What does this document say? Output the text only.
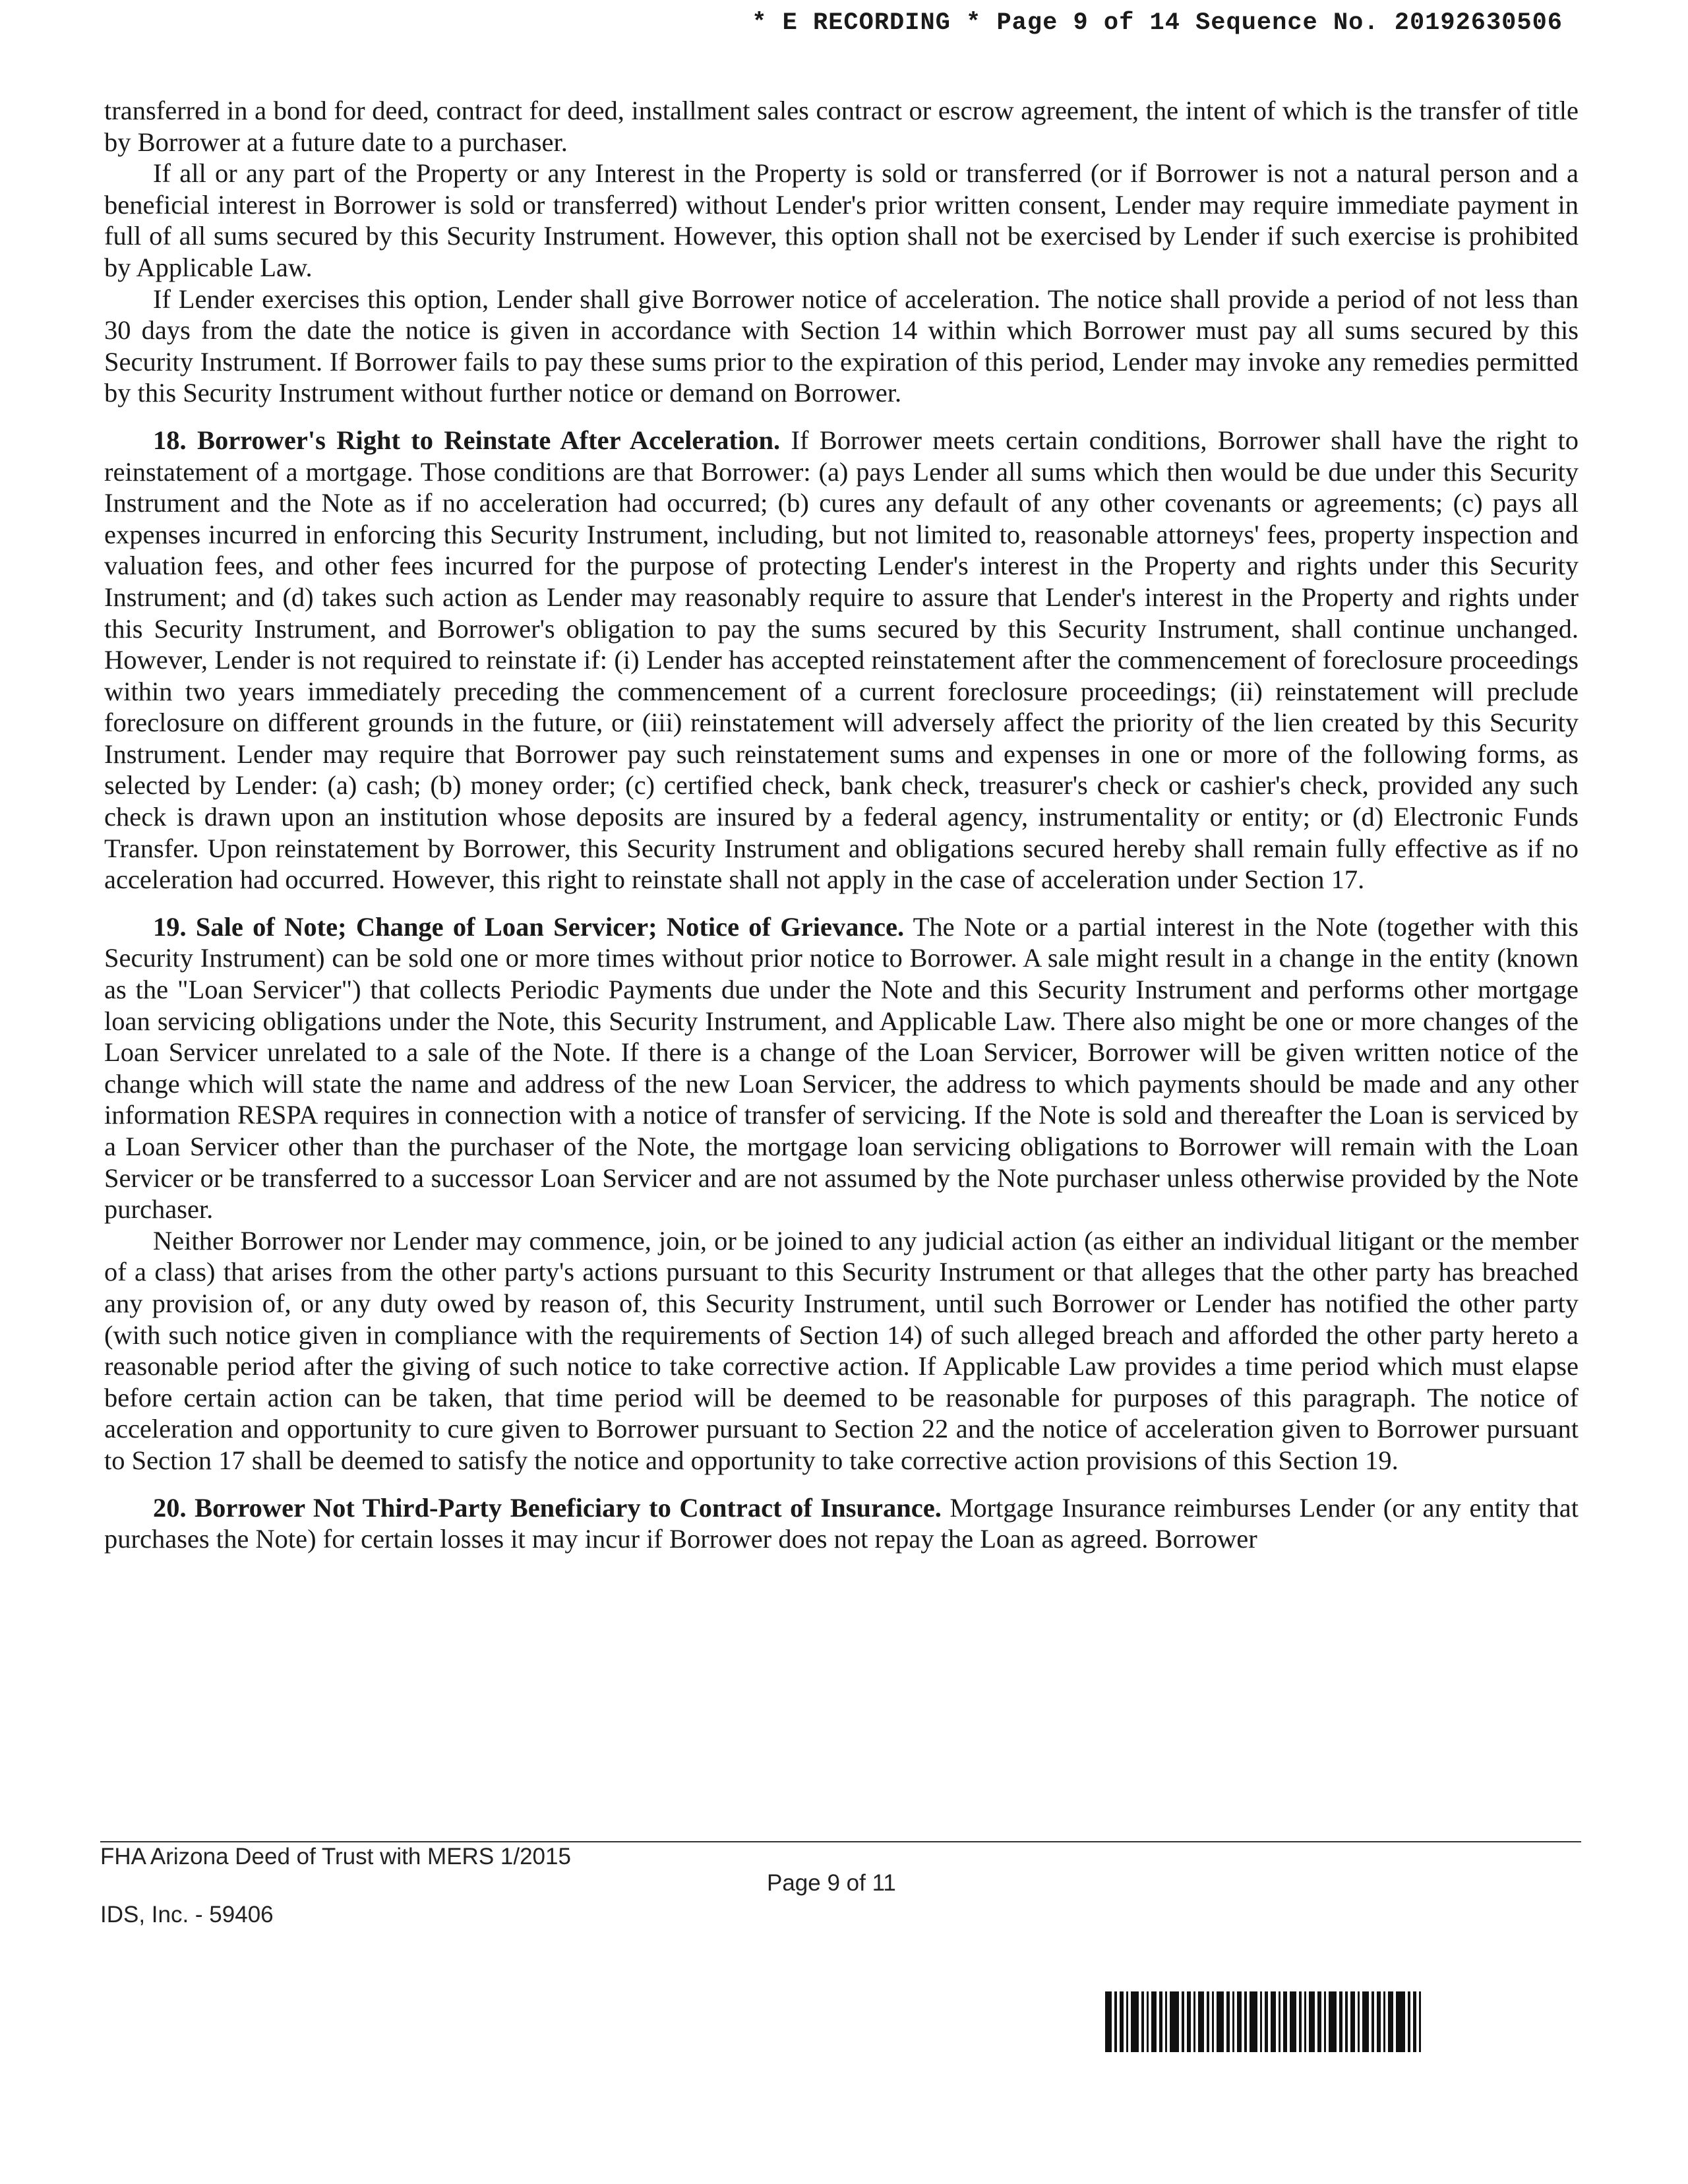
* E RECORDING * Page 9 of 14 Sequence No. 20192630506

transferred in a bond for deed, contract for deed, installment sales contract or escrow agreement, the intent of which is the transfer of title by Borrower at a future date to a purchaser.

If all or any part of the Property or any Interest in the Property is sold or transferred (or if Borrower is not a natural person and a beneficial interest in Borrower is sold or transferred) without Lender's prior written consent, Lender may require immediate payment in full of all sums secured by this Security Instrument. However, this option shall not be exercised by Lender if such exercise is prohibited by Applicable Law.

If Lender exercises this option, Lender shall give Borrower notice of acceleration. The notice shall provide a period of not less than 30 days from the date the notice is given in accordance with Section 14 within which Borrower must pay all sums secured by this Security Instrument. If Borrower fails to pay these sums prior to the expiration of this period, Lender may invoke any remedies permitted by this Security Instrument without further notice or demand on Borrower.

18. Borrower's Right to Reinstate After Acceleration. If Borrower meets certain conditions, Borrower shall have the right to reinstatement of a mortgage. Those conditions are that Borrower: (a) pays Lender all sums which then would be due under this Security Instrument and the Note as if no acceleration had occurred; (b) cures any default of any other covenants or agreements; (c) pays all expenses incurred in enforcing this Security Instrument, including, but not limited to, reasonable attorneys' fees, property inspection and valuation fees, and other fees incurred for the purpose of protecting Lender's interest in the Property and rights under this Security Instrument; and (d) takes such action as Lender may reasonably require to assure that Lender's interest in the Property and rights under this Security Instrument, and Borrower's obligation to pay the sums secured by this Security Instrument, shall continue unchanged. However, Lender is not required to reinstate if: (i) Lender has accepted reinstatement after the commencement of foreclosure proceedings within two years immediately preceding the commencement of a current foreclosure proceedings; (ii) reinstatement will preclude foreclosure on different grounds in the future, or (iii) reinstatement will adversely affect the priority of the lien created by this Security Instrument. Lender may require that Borrower pay such reinstatement sums and expenses in one or more of the following forms, as selected by Lender: (a) cash; (b) money order; (c) certified check, bank check, treasurer's check or cashier's check, provided any such check is drawn upon an institution whose deposits are insured by a federal agency, instrumentality or entity; or (d) Electronic Funds Transfer. Upon reinstatement by Borrower, this Security Instrument and obligations secured hereby shall remain fully effective as if no acceleration had occurred. However, this right to reinstate shall not apply in the case of acceleration under Section 17.

19. Sale of Note; Change of Loan Servicer; Notice of Grievance. The Note or a partial interest in the Note (together with this Security Instrument) can be sold one or more times without prior notice to Borrower. A sale might result in a change in the entity (known as the "Loan Servicer") that collects Periodic Payments due under the Note and this Security Instrument and performs other mortgage loan servicing obligations under the Note, this Security Instrument, and Applicable Law. There also might be one or more changes of the Loan Servicer unrelated to a sale of the Note. If there is a change of the Loan Servicer, Borrower will be given written notice of the change which will state the name and address of the new Loan Servicer, the address to which payments should be made and any other information RESPA requires in connection with a notice of transfer of servicing. If the Note is sold and thereafter the Loan is serviced by a Loan Servicer other than the purchaser of the Note, the mortgage loan servicing obligations to Borrower will remain with the Loan Servicer or be transferred to a successor Loan Servicer and are not assumed by the Note purchaser unless otherwise provided by the Note purchaser.

Neither Borrower nor Lender may commence, join, or be joined to any judicial action (as either an individual litigant or the member of a class) that arises from the other party's actions pursuant to this Security Instrument or that alleges that the other party has breached any provision of, or any duty owed by reason of, this Security Instrument, until such Borrower or Lender has notified the other party (with such notice given in compliance with the requirements of Section 14) of such alleged breach and afforded the other party hereto a reasonable period after the giving of such notice to take corrective action. If Applicable Law provides a time period which must elapse before certain action can be taken, that time period will be deemed to be reasonable for purposes of this paragraph. The notice of acceleration and opportunity to cure given to Borrower pursuant to Section 22 and the notice of acceleration given to Borrower pursuant to Section 17 shall be deemed to satisfy the notice and opportunity to take corrective action provisions of this Section 19.

20. Borrower Not Third-Party Beneficiary to Contract of Insurance. Mortgage Insurance reimburses Lender (or any entity that purchases the Note) for certain losses it may incur if Borrower does not repay the Loan as agreed. Borrower

FHA Arizona Deed of Trust with MERS 1/2015
Page 9 of 11
IDS, Inc. - 59406
